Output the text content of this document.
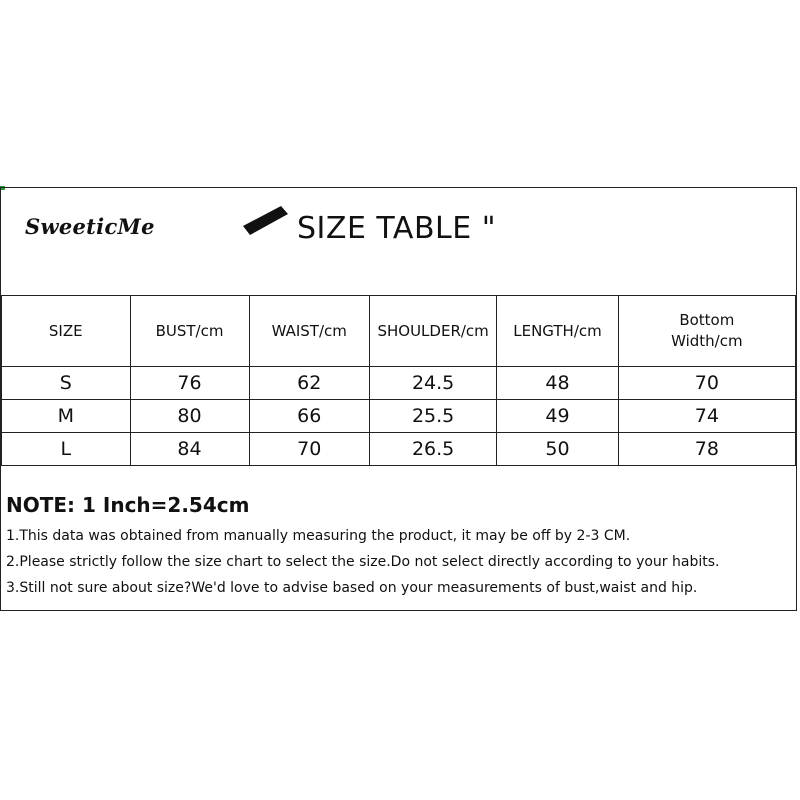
SweeticMe	SIZE TABLE "
SIZE	BUST/cm	WAIST/cm	SHOULDER/cm	LENGTH/cm	Bottom Width/cm
S	76	62	24.5	48	70
M	80	66	25.5	49	74
L	84	70	26.5	50	78

NOTE: 1 Inch=2.54cm

1.This data was obtained from manually measuring the product, it may be off by 2-3 CM.

2.Please strictly follow the size chart to select the size.Do not select directly according to your habits.

3.Still not sure about size?We'd love to advise based on your measurements of bust,waist and hip.
